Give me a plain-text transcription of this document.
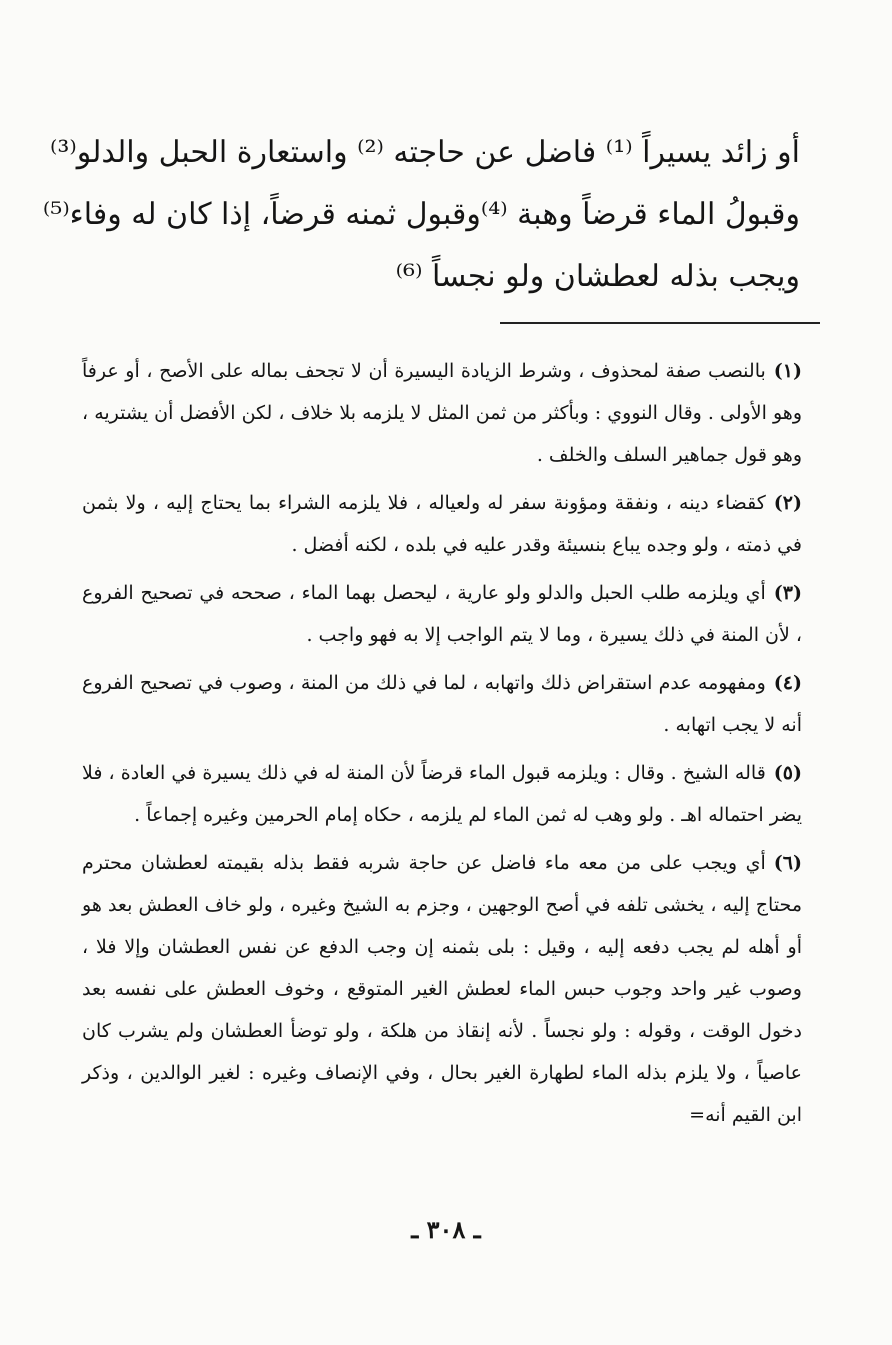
أو زائد يسيراً ⁽¹⁾ فاضل عن حاجته ⁽²⁾ واستعارة الحبل والدلو⁽³⁾
وقبولُ الماء قرضاً وهبة ⁽⁴⁾وقبول ثمنه قرضاً، إذا كان له وفاء⁽⁵⁾
ويجب بذله لعطشان ولو نجساً ⁽⁶⁾

(١)بالنصب صفة لمحذوف ، وشرط الزيادة اليسيرة أن لا تجحف بماله على الأصح ، أو عرفاً وهو الأولى . وقال النووي : وبأكثر من ثمن المثل لا يلزمه بلا خلاف ، لكن الأفضل أن يشتريه ، وهو قول جماهير السلف والخلف .

(٢)كقضاء دينه ، ونفقة ومؤونة سفر له ولعياله ، فلا يلزمه الشراء بما يحتاج إليه ، ولا بثمن في ذمته ، ولو وجده يباع بنسيئة وقدر عليه في بلده ، لكنه أفضل .

(٣)أي ويلزمه طلب الحبل والدلو ولو عارية ، ليحصل بهما الماء ، صححه في تصحيح الفروع ، لأن المنة في ذلك يسيرة ، وما لا يتم الواجب إلا به فهو واجب .

(٤)ومفهومه عدم استقراض ذلك واتهابه ، لما في ذلك من المنة ، وصوب في تصحيح الفروع أنه لا يجب اتهابه .

(٥)قاله الشيخ . وقال : ويلزمه قبول الماء قرضاً لأن المنة له في ذلك يسيرة في العادة ، فلا يضر احتماله اهـ . ولو وهب له ثمن الماء لم يلزمه ، حكاه إمام الحرمين وغيره إجماعاً .

(٦)أي ويجب على من معه ماء فاضل عن حاجة شربه فقط بذله بقيمته لعطشان محترم محتاج إليه ، يخشى تلفه في أصح الوجهين ، وجزم به الشيخ وغيره ، ولو خاف العطش بعد هو أو أهله لم يجب دفعه إليه ، وقيل : بلى بثمنه إن وجب الدفع عن نفس العطشان وإلا فلا ، وصوب غير واحد وجوب حبس الماء لعطش الغير المتوقع ، وخوف العطش على نفسه بعد دخول الوقت ، وقوله : ولو نجساً . لأنه إنقاذ من هلكة ، ولو توضأ العطشان ولم يشرب كان عاصياً ، ولا يلزم بذله الماء لطهارة الغير بحال ، وفي الإنصاف وغيره : لغير الوالدين ، وذكر ابن القيم أنه=

ـ ٣٠٨ ـ
